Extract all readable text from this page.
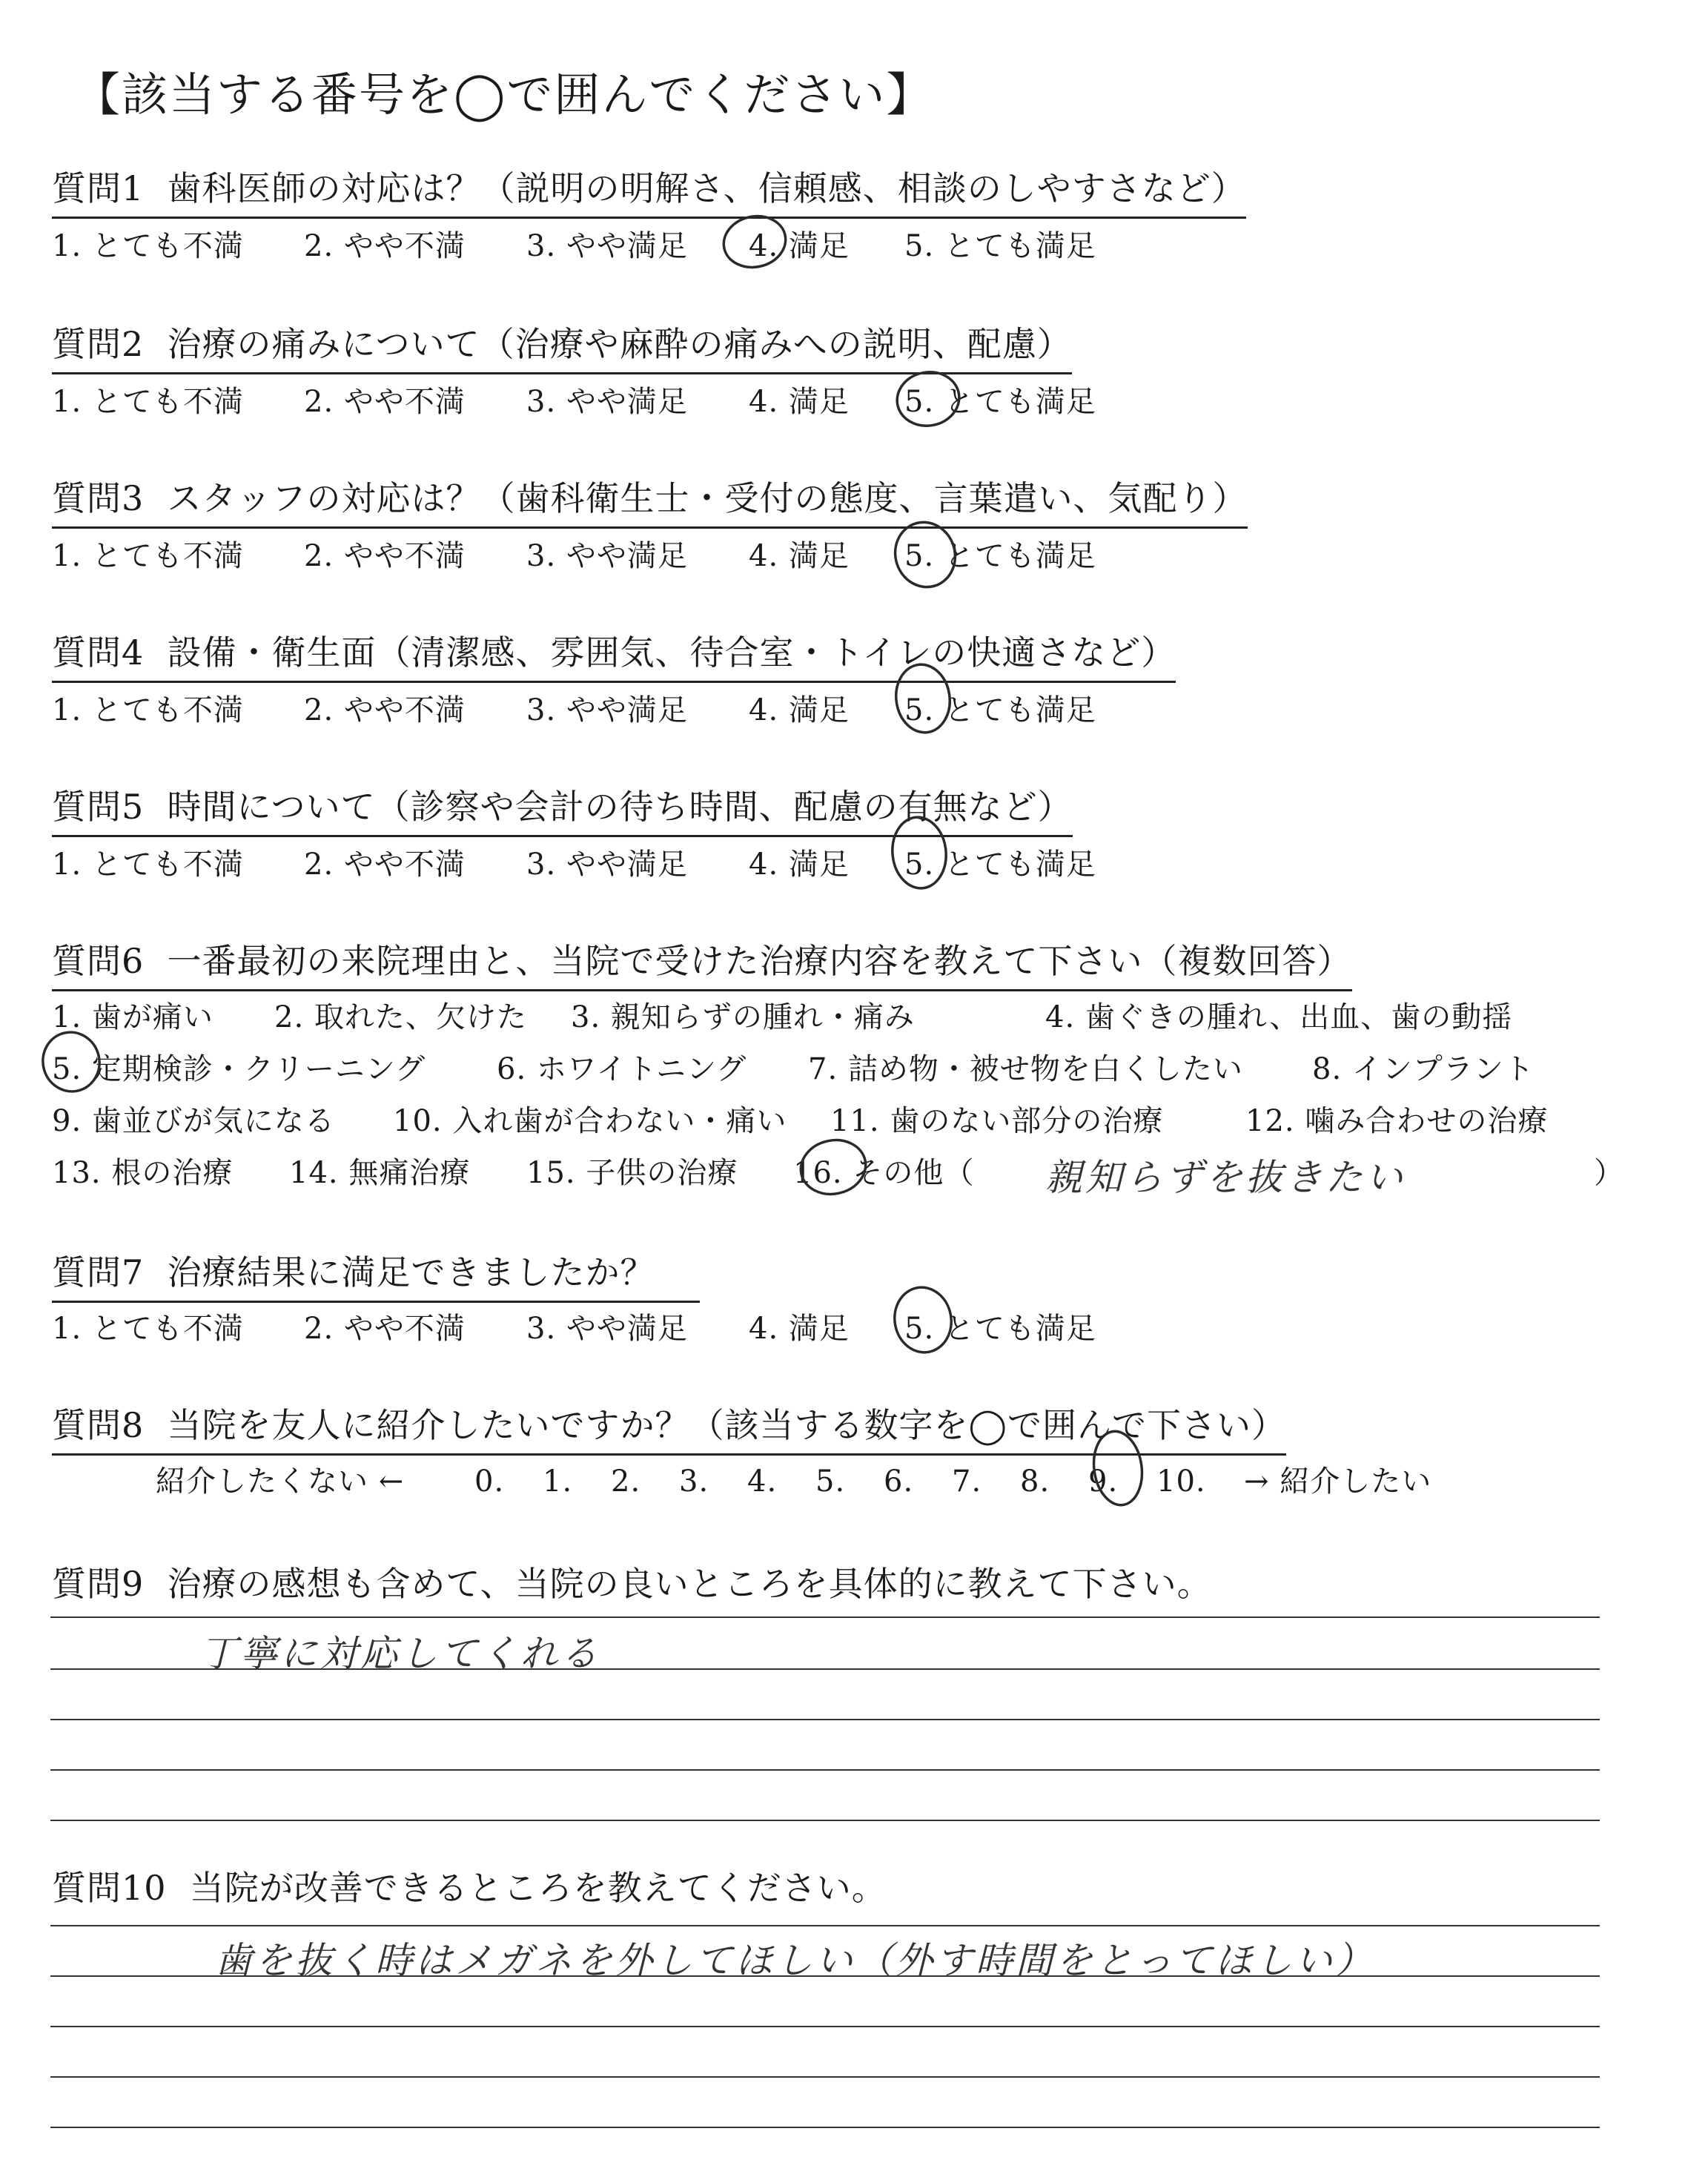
【該当する番号を◯で囲んでください】
質問1 歯科医師の対応は？（説明の明解さ、信頼感、相談のしやすさなど）
1. とても不満 2. やや不満 3. やや満足 4. 満足 5. とても満足
質問2 治療の痛みについて（治療や麻酔の痛みへの説明、配慮）
1. とても不満 2. やや不満 3. やや満足 4. 満足 5. とても満足
質問3 スタッフの対応は？（歯科衛生士・受付の態度、言葉遣い、気配り）
1. とても不満 2. やや不満 3. やや満足 4. 満足 5. とても満足
質問4 設備・衛生面（清潔感、雰囲気、待合室・トイレの快適さなど）
1. とても不満 2. やや不満 3. やや満足 4. 満足 5. とても満足
質問5 時間について（診察や会計の待ち時間、配慮の有無など）
1. とても不満 2. やや不満 3. やや満足 4. 満足 5. とても満足
質問6 一番最初の来院理由と、当院で受けた治療内容を教えて下さい（複数回答）
1. 歯が痛い 2. 取れた、欠けた 3. 親知らずの腫れ・痛み	4. 歯ぐきの腫れ、出血、歯の動揺
5. 定期検診・クリーニング 6. ホワイトニング 7. 詰め物・被せ物を白くしたい 8. インプラント
9. 歯並びが気になる 10. 入れ歯が合わない・痛い 11. 歯のない部分の治療	12. 噛み合わせの治療
13. 根の治療 14. 無痛治療 15. 子供の治療 16. その他（ 親知らずを抜きたい	）
質問7 治療結果に満足できましたか？
1. とても不満 2. やや不満 3. やや満足 4. 満足 5. とても満足
質問8 当院を友人に紹介したいですか？（該当する数字を◯で囲んで下さい）
紹介したくない ← 0. 1. 2. 3. 4. 5. 6. 7. 8. 9. 10. → 紹介したい
質問9 治療の感想も含めて、当院の良いところを具体的に教えて下さい。
丁寧に対応してくれる
質問10 当院が改善できるところを教えてください。
歯を抜く時はメガネを外してほしい（外す時間をとってほしい）
